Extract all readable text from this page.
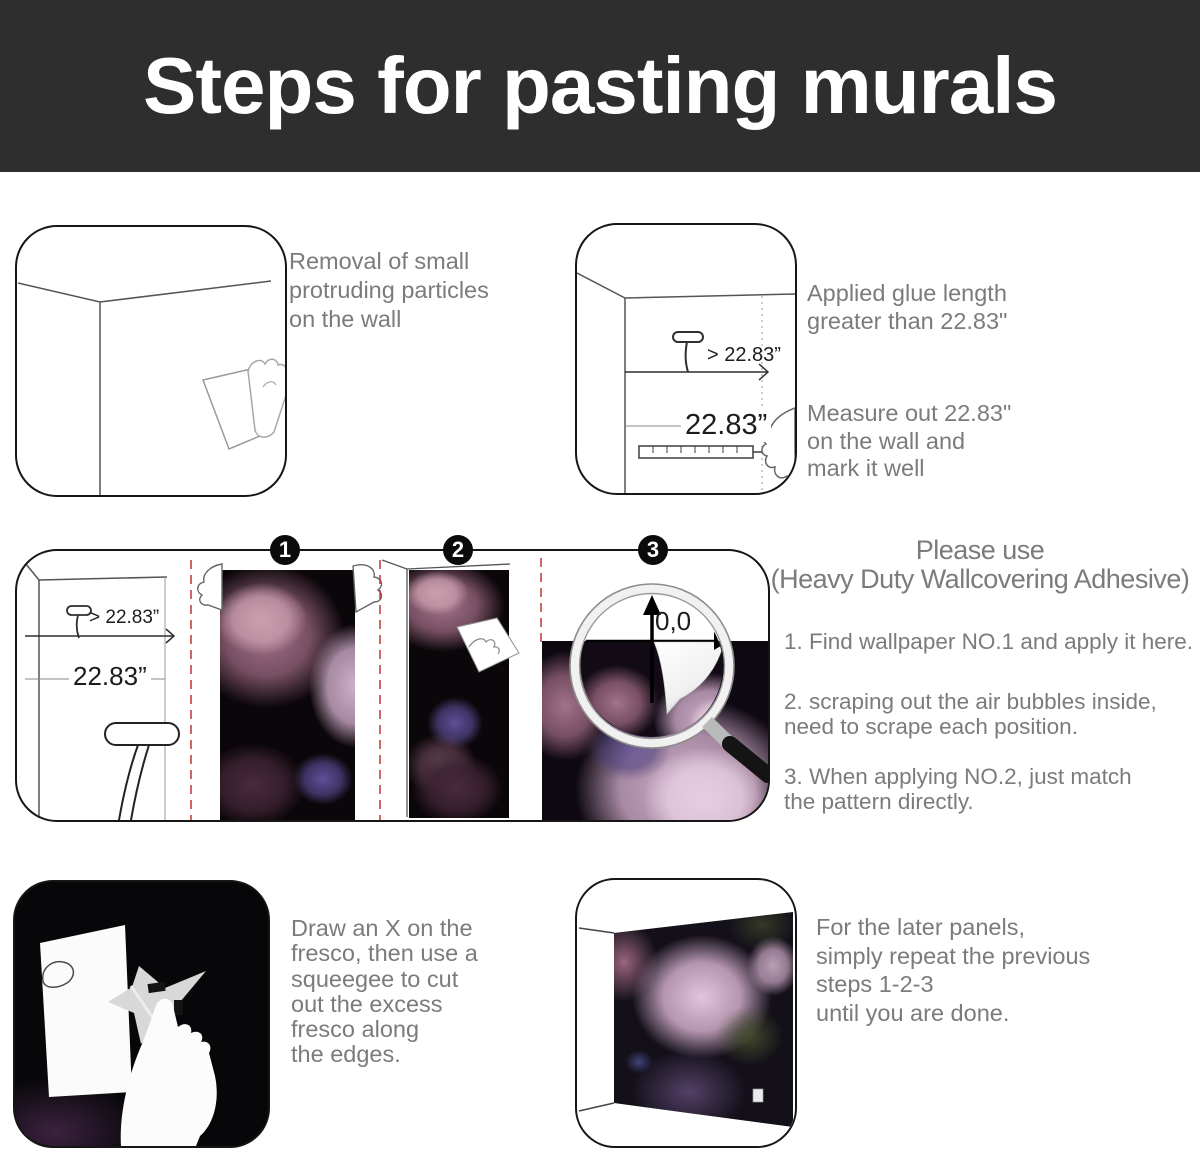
Steps for pasting murals
Removal of small
protruding particles
on the wall
> 22.83”
22.83”
Applied glue length
greater than 22.83"
Measure out 22.83"
on the wall and
mark it well
1	2	3
> 22.83”
22.83”
0,0
Please use
(Heavy Duty Wallcovering Adhesive)
1. Find wallpaper NO.1 and apply it here.
2. scraping out the air bubbles inside,
need to scrape each position.
3. When applying NO.2, just match
the pattern directly.
Draw an X on the
fresco, then use a
squeegee to cut
out the excess
fresco along
the edges.
For the later panels,
simply repeat the previous
steps 1-2-3
until you are done.
